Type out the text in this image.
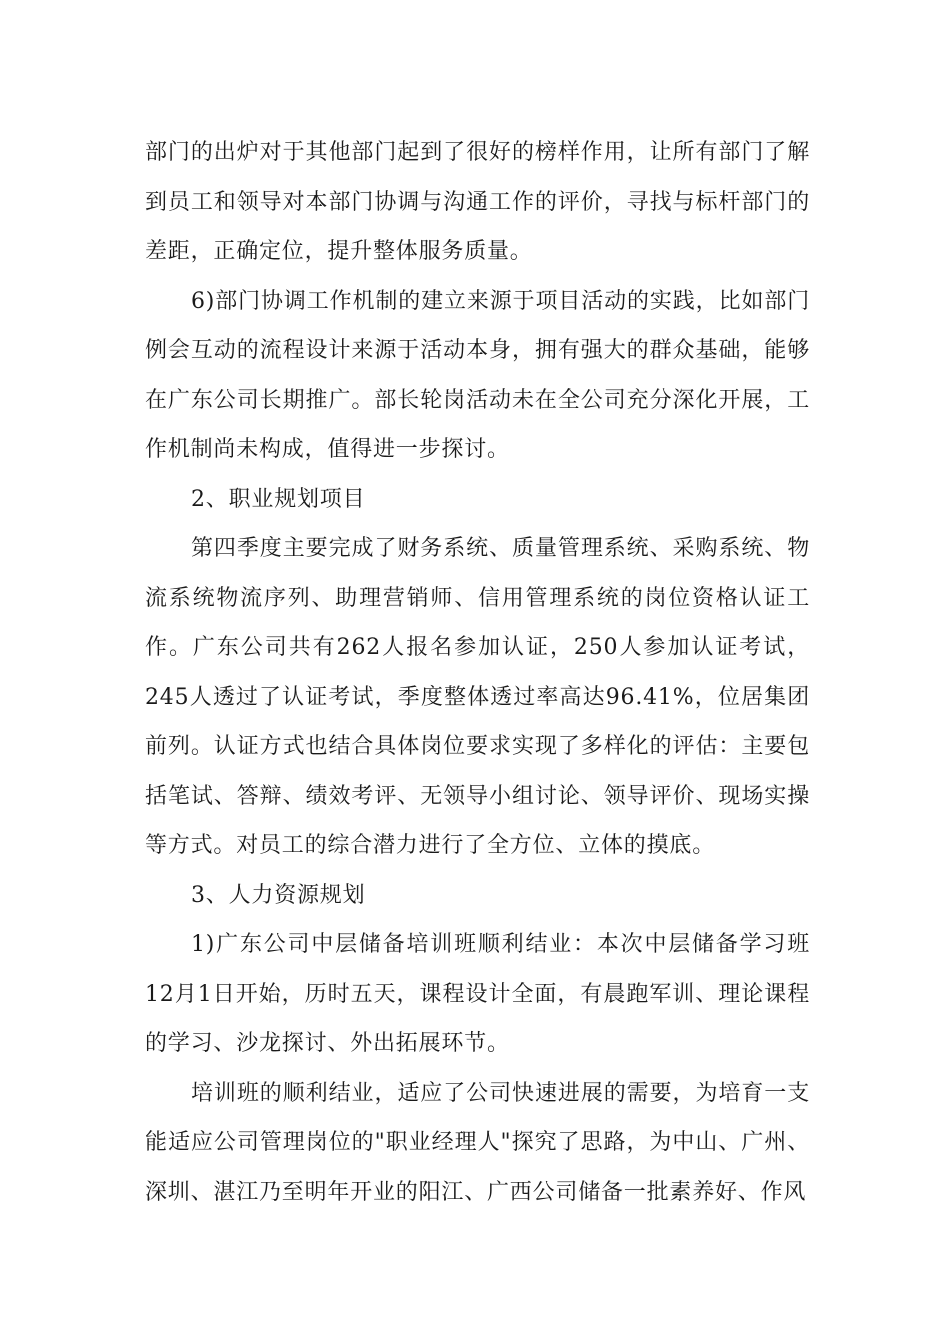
部门的出炉对于其他部门起到了很好的榜样作用，让所有部门了解到员工和领导对本部门协调与沟通工作的评价，寻找与标杆部门的差距，正确定位，提升整体服务质量。

6)部门协调工作机制的建立来源于项目活动的实践，比如部门例会互动的流程设计来源于活动本身，拥有强大的群众基础，能够在广东公司长期推广。部长轮岗活动未在全公司充分深化开展，工作机制尚未构成，值得进一步探讨。

2、职业规划项目

第四季度主要完成了财务系统、质量管理系统、采购系统、物流系统物流序列、助理营销师、信用管理系统的岗位资格认证工作。广东公司共有262人报名参加认证，250人参加认证考试，245人透过了认证考试，季度整体透过率高达96.41%，位居集团前列。认证方式也结合具体岗位要求实现了多样化的评估：主要包括笔试、答辩、绩效考评、无领导小组讨论、领导评价、现场实操等方式。对员工的综合潜力进行了全方位、立体的摸底。

3、人力资源规划

1)广东公司中层储备培训班顺利结业：本次中层储备学习班12月1日开始，历时五天，课程设计全面，有晨跑军训、理论课程的学习、沙龙探讨、外出拓展环节。

培训班的顺利结业，适应了公司快速进展的需要，为培育一支能适应公司管理岗位的"职业经理人"探究了思路，为中山、广州、深圳、湛江乃至明年开业的阳江、广西公司储备一批素养好、作风
